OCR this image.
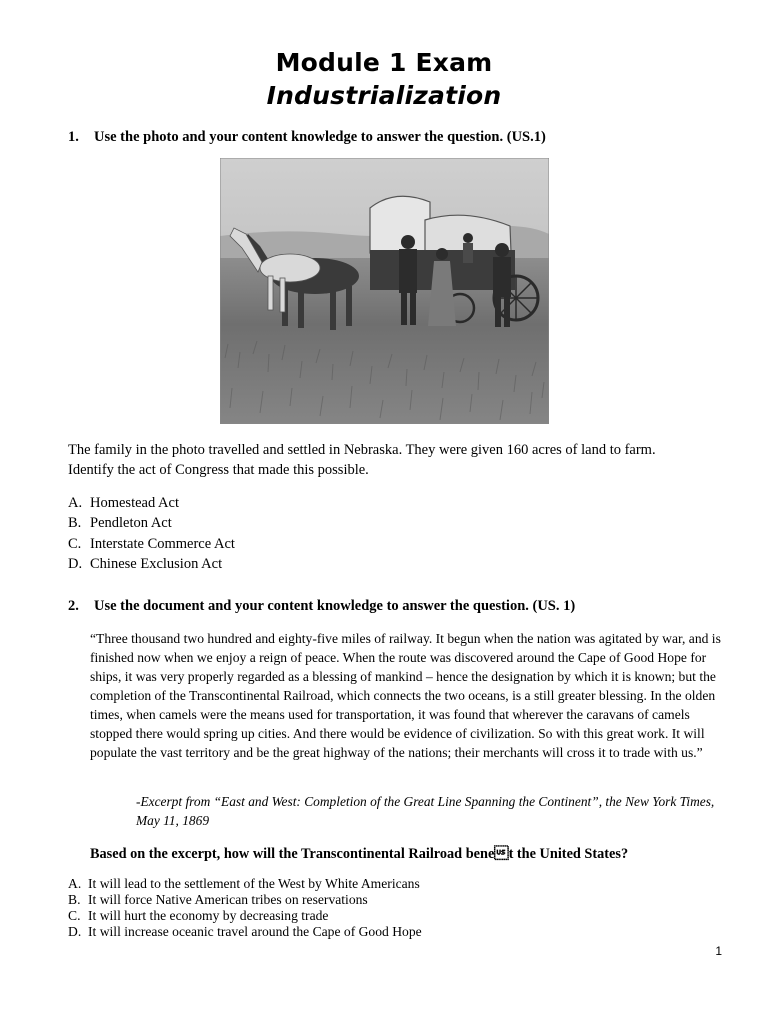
Module 1 Exam
Industrialization
1. Use the photo and your content knowledge to answer the question. (US.1)
The family in the photo travelled and settled in Nebraska. They were given 160 acres of land to farm.
Identify the act of Congress that made this possible.
A. Homestead Act
B. Pendleton Act
C. Interstate Commerce Act
D. Chinese Exclusion Act
2. Use the document and your content knowledge to answer the question. (US. 1)
“Three thousand two hundred and eighty-five miles of railway. It begun when the nation was agitated by war, and is finished now when we enjoy a reign of peace. When the route was discovered around the Cape of Good Hope for ships, it was very properly regarded as a blessing of mankind – hence the designation by which it is known; but the completion of the Transcontinental Railroad, which connects the two oceans, is a still greater blessing. In the olden times, when camels were the means used for transportation, it was found that wherever the caravans of camels stopped there would spring up cities. And there would be evidence of civilization. So with this great work. It will populate the vast territory and be the great highway of the nations; their merchants will cross it to trade with us.”
-Excerpt from “East and West: Completion of the Great Line Spanning the Continent”, the New York Times, May 11, 1869
Based on the excerpt, how will the Transcontinental Railroad benet the United States?
A. It will lead to the settlement of the West by White Americans
B. It will force Native American tribes on reservations
C. It will hurt the economy by decreasing trade
D. It will increase oceanic travel around the Cape of Good Hope
1
